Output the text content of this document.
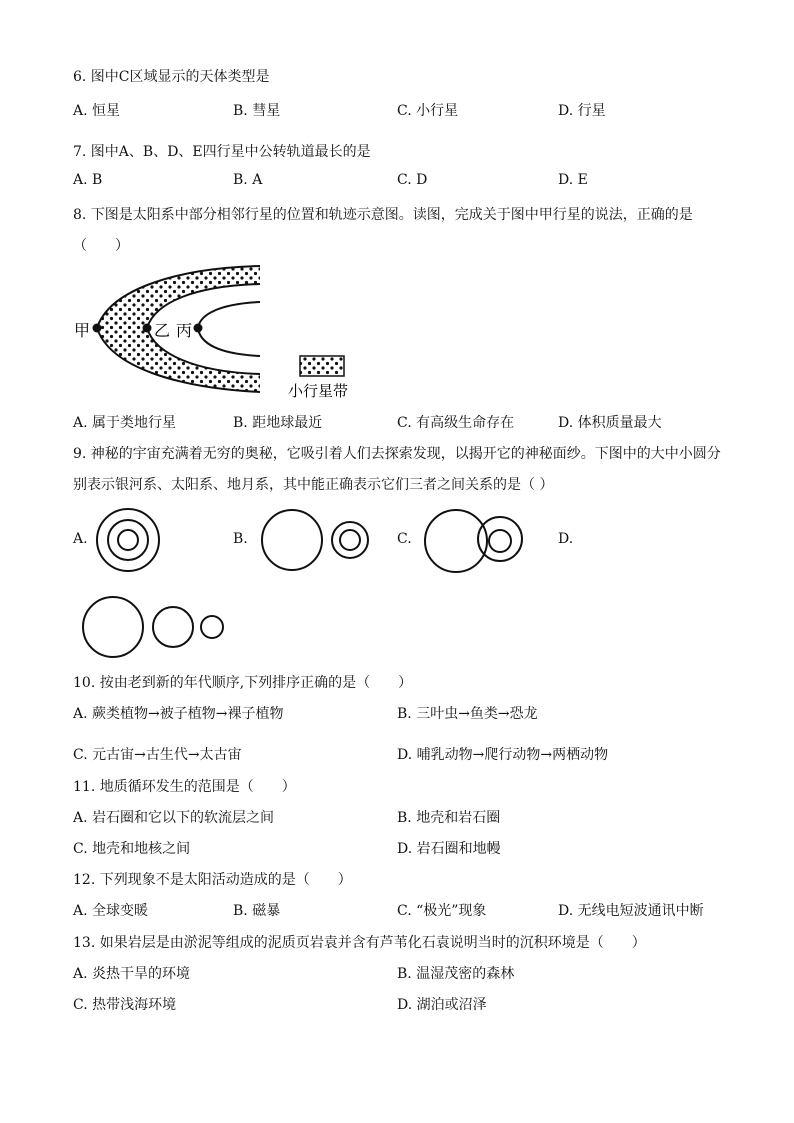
6. 图中C区域显示的天体类型是
A. 恒星	B. 彗星	C. 小行星	D. 行星
7. 图中A、B、D、E四行星中公转轨道最长的是
A. B	B. A	C. D	D. E
8. 下图是太阳系中部分相邻行星的位置和轨迹示意图。读图，完成关于图中甲行星的说法，正确的是
（　　）
甲	乙 丙
小行星带
A. 属于类地行星	B. 距地球最近	C. 有高级生命存在	D. 体积质量最大
9. 神秘的宇宙充满着无穷的奥秘，它吸引着人们去探索发现，以揭开它的神秘面纱。下图中的大中小圆分
别表示银河系、太阳系、地月系，其中能正确表示它们三者之间关系的是（ ）
A.	B.	C.	D.
10. 按由老到新的年代顺序,下列排序正确的是（　　）
A. 蕨类植物→被子植物→裸子植物	B. 三叶虫→鱼类→恐龙
C. 元古宙→古生代→太古宙	D. 哺乳动物→爬行动物→两栖动物
11. 地质循环发生的范围是（　　）
A. 岩石圈和它以下的软流层之间	B. 地壳和岩石圈
C. 地壳和地核之间	D. 岩石圈和地幔
12. 下列现象不是太阳活动造成的是（　　）
A. 全球变暖	B. 磁暴	C. “极光”现象	D. 无线电短波通讯中断
13. 如果岩层是由淤泥等组成的泥质页岩袁并含有芦苇化石袁说明当时的沉积环境是（　　）
A. 炎热干旱的环境	B. 温湿茂密的森林
C. 热带浅海环境	D. 湖泊或沼泽
